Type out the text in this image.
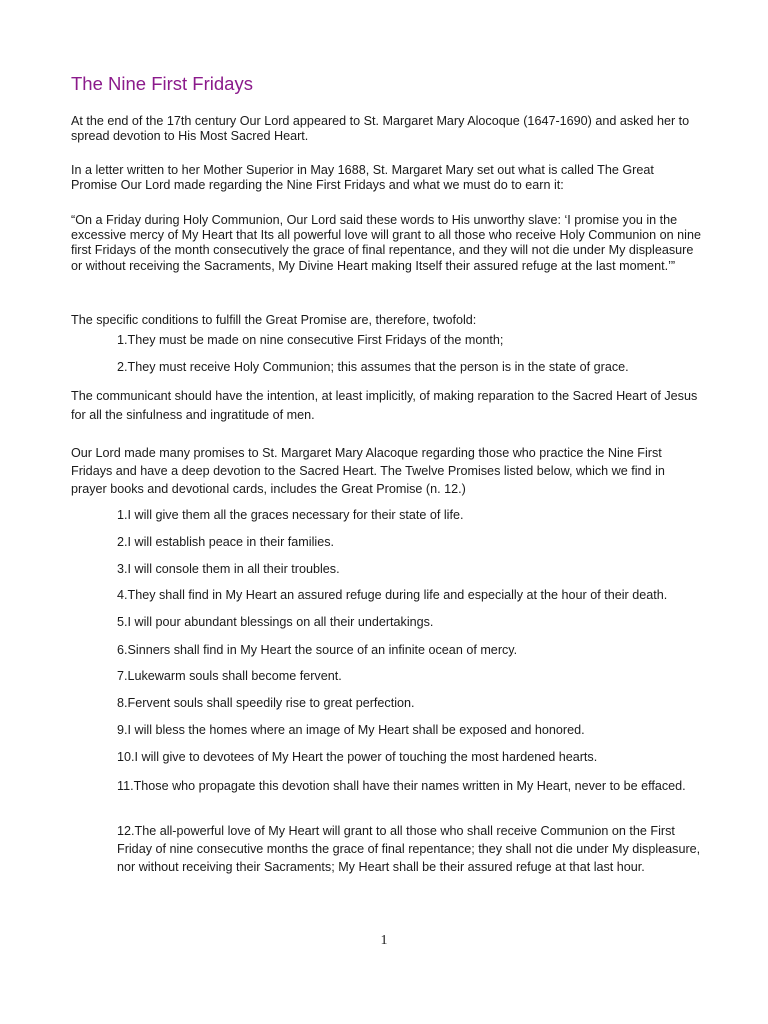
The Nine First Fridays

At the end of the 17th century Our Lord appeared to St. Margaret Mary Alocoque (1647-1690) and asked her to spread devotion to His Most Sacred Heart.

In a letter written to her Mother Superior in May 1688, St. Margaret Mary set out what is called The Great Promise Our Lord made regarding the Nine First Fridays and what we must do to earn it:

“On a Friday during Holy Communion, Our Lord said these words to His unworthy slave: ‘I promise you in the excessive mercy of My Heart that Its all powerful love will grant to all those who receive Holy Communion on nine first Fridays of the month consecutively the grace of final repentance, and they will not die under My displeasure or without receiving the Sacraments, My Divine Heart making Itself their assured refuge at the last moment.’”

The specific conditions to fulfill the Great Promise are, therefore, twofold:

1.They must be made on nine consecutive First Fridays of the month;

2.They must receive Holy Communion; this assumes that the person is in the state of grace.

The communicant should have the intention, at least implicitly, of making reparation to the Sacred Heart of Jesus for all the sinfulness and ingratitude of men.

Our Lord made many promises to St. Margaret Mary Alacoque regarding those who practice the Nine First Fridays and have a deep devotion to the Sacred Heart. The Twelve Promises listed below, which we find in prayer books and devotional cards, includes the Great Promise (n. 12.)

1.I will give them all the graces necessary for their state of life.

2.I will establish peace in their families.

3.I will console them in all their troubles.

4.They shall find in My Heart an assured refuge during life and especially at the hour of their death.

5.I will pour abundant blessings on all their undertakings.

6.Sinners shall find in My Heart the source of an infinite ocean of mercy.

7.Lukewarm souls shall become fervent.

8.Fervent souls shall speedily rise to great perfection.

9.I will bless the homes where an image of My Heart shall be exposed and honored.

10.I will give to devotees of My Heart the power of touching the most hardened hearts.

11.Those who propagate this devotion shall have their names written in My Heart, never to be effaced.

12.The all-powerful love of My Heart will grant to all those who shall receive Communion on the First Friday of nine consecutive months the grace of final repentance; they shall not die under My displeasure, nor without receiving their Sacraments; My Heart shall be their assured refuge at that last hour.

1
